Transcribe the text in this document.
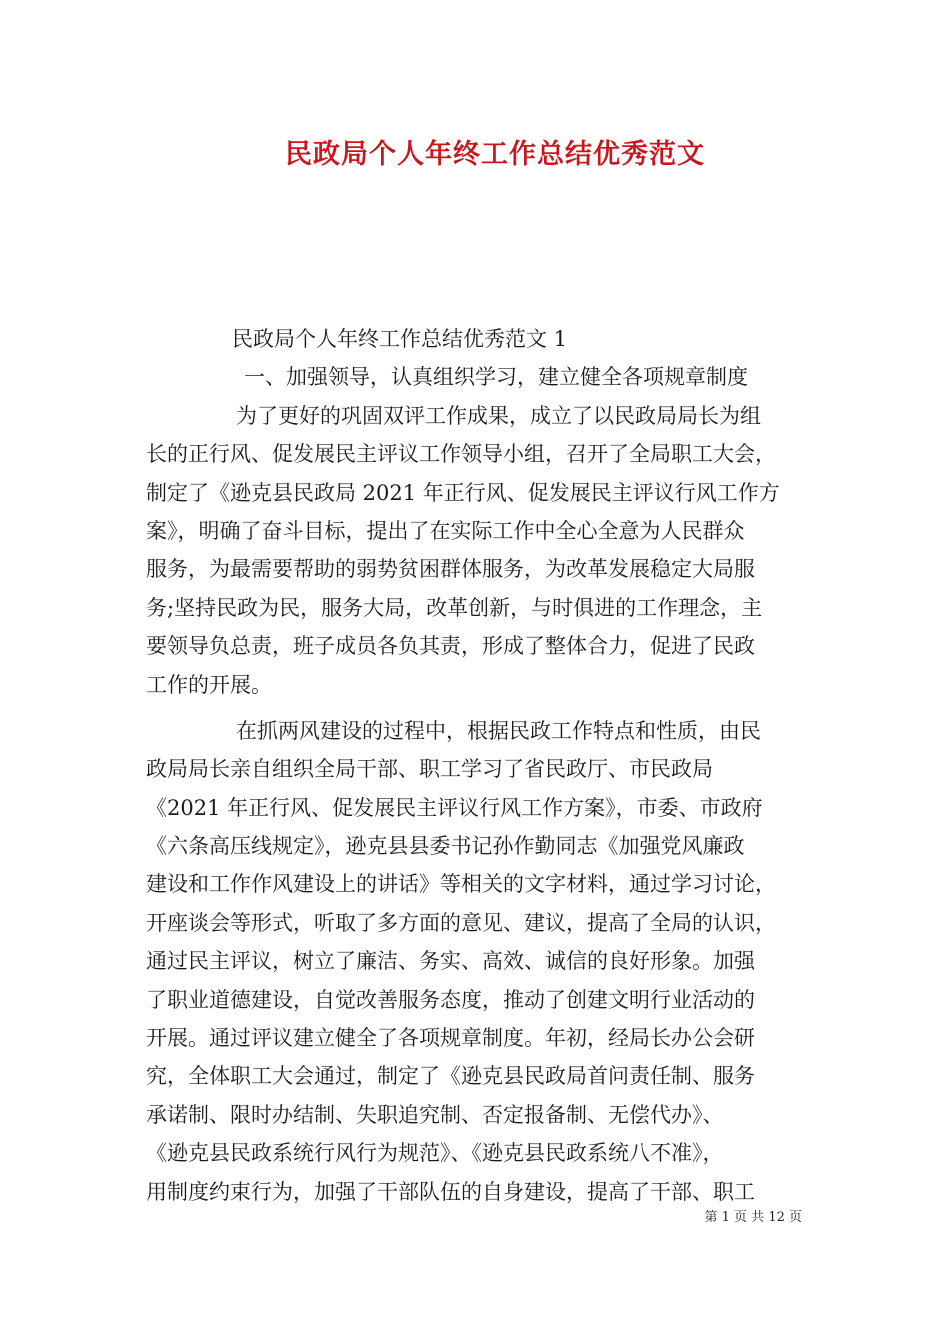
民政局个人年终工作总结优秀范文
民政局个人年终工作总结优秀范文 1
一、加强领导，认真组织学习，建立健全各项规章制度
为了更好的巩固双评工作成果，成立了以民政局局长为组
长的正行风、促发展民主评议工作领导小组，召开了全局职工大会，
制定了《逊克县民政局 2021 年正行风、促发展民主评议行风工作方
案》，明确了奋斗目标，提出了在实际工作中全心全意为人民群众
服务，为最需要帮助的弱势贫困群体服务，为改革发展稳定大局服
务;坚持民政为民，服务大局，改革创新，与时俱进的工作理念，主
要领导负总责，班子成员各负其责，形成了整体合力，促进了民政
工作的开展。
在抓两风建设的过程中，根据民政工作特点和性质，由民
政局局长亲自组织全局干部、职工学习了省民政厅、市民政局
《2021 年正行风、促发展民主评议行风工作方案》，市委、市政府
《六条高压线规定》，逊克县县委书记孙作勤同志《加强党风廉政
建设和工作作风建设上的讲话》等相关的文字材料，通过学习讨论，
开座谈会等形式，听取了多方面的意见、建议，提高了全局的认识，
通过民主评议，树立了廉洁、务实、高效、诚信的良好形象。加强
了职业道德建设，自觉改善服务态度，推动了创建文明行业活动的
开展。通过评议建立健全了各项规章制度。年初，经局长办公会研
究，全体职工大会通过，制定了《逊克县民政局首问责任制、服务
承诺制、限时办结制、失职追究制、否定报备制、无偿代办》、
《逊克县民政系统行风行为规范》、《逊克县民政系统八不准》，
用制度约束行为，加强了干部队伍的自身建设，提高了干部、职工
第 1 页 共 12 页
